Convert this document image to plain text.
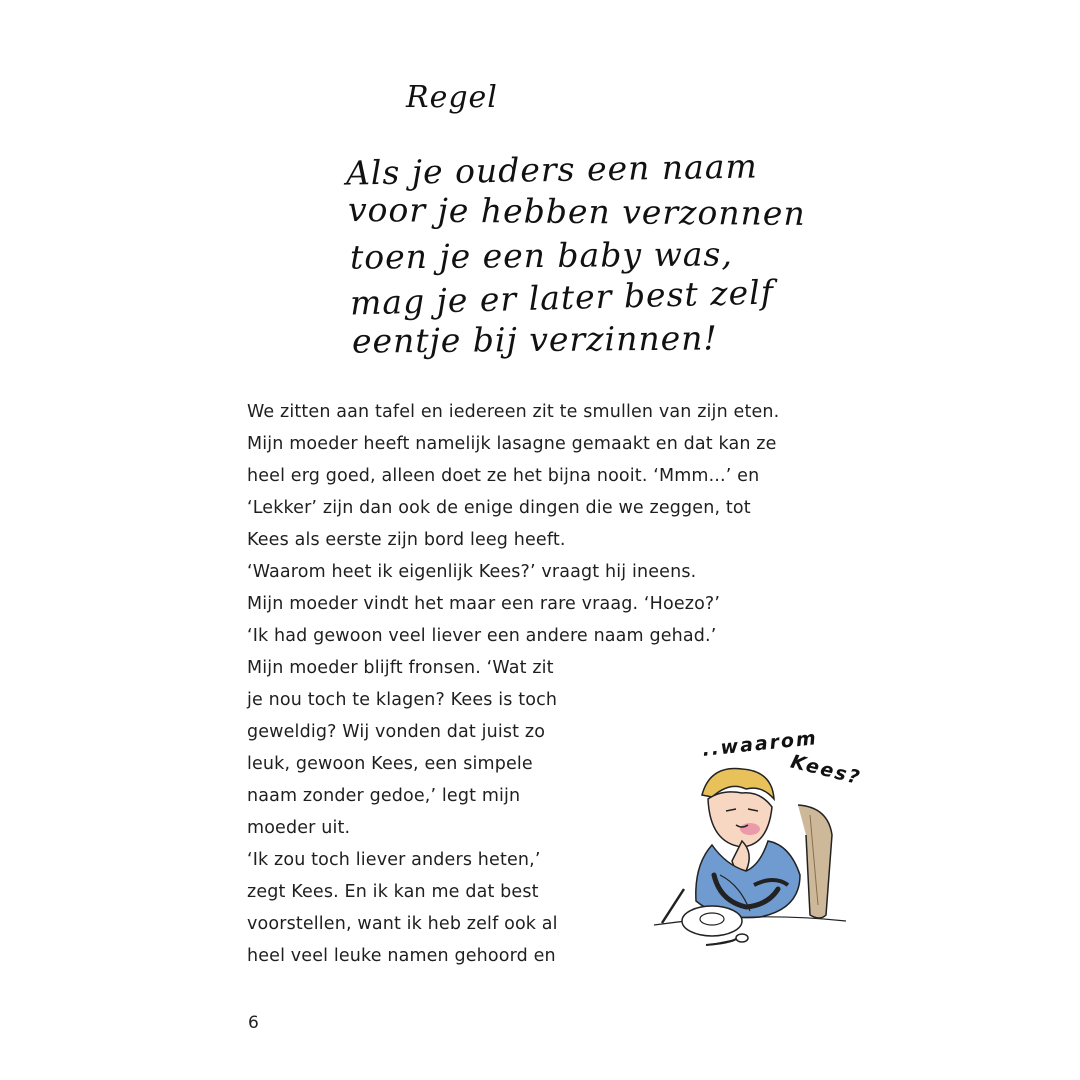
Regel
Als je ouders een naam
voor je hebben verzonnen
toen je een baby was,
mag je er later best zelf
eentje bij verzinnen!
We zitten aan tafel en iedereen zit te smullen van zijn eten.
Mijn moeder heeft namelijk lasagne gemaakt en dat kan ze
heel erg goed, alleen doet ze het bijna nooit. ‘Mmm...’ en
‘Lekker’ zijn dan ook de enige dingen die we zeggen, tot
Kees als eerste zijn bord leeg heeft.
‘Waarom heet ik eigenlijk Kees?’ vraagt hij ineens.
Mijn moeder vindt het maar een rare vraag. ‘Hoezo?’
‘Ik had gewoon veel liever een andere naam gehad.’
Mijn moeder blijft fronsen. ‘Wat zit
je nou toch te klagen? Kees is toch
geweldig? Wij vonden dat juist zo
leuk, gewoon Kees, een simpele
naam zonder gedoe,’ legt mijn
moeder uit.
‘Ik zou toch liever anders heten,’
zegt Kees. En ik kan me dat best
voorstellen, want ik heb zelf ook al
heel veel leuke namen gehoord en
..waarom
Kees?
6
